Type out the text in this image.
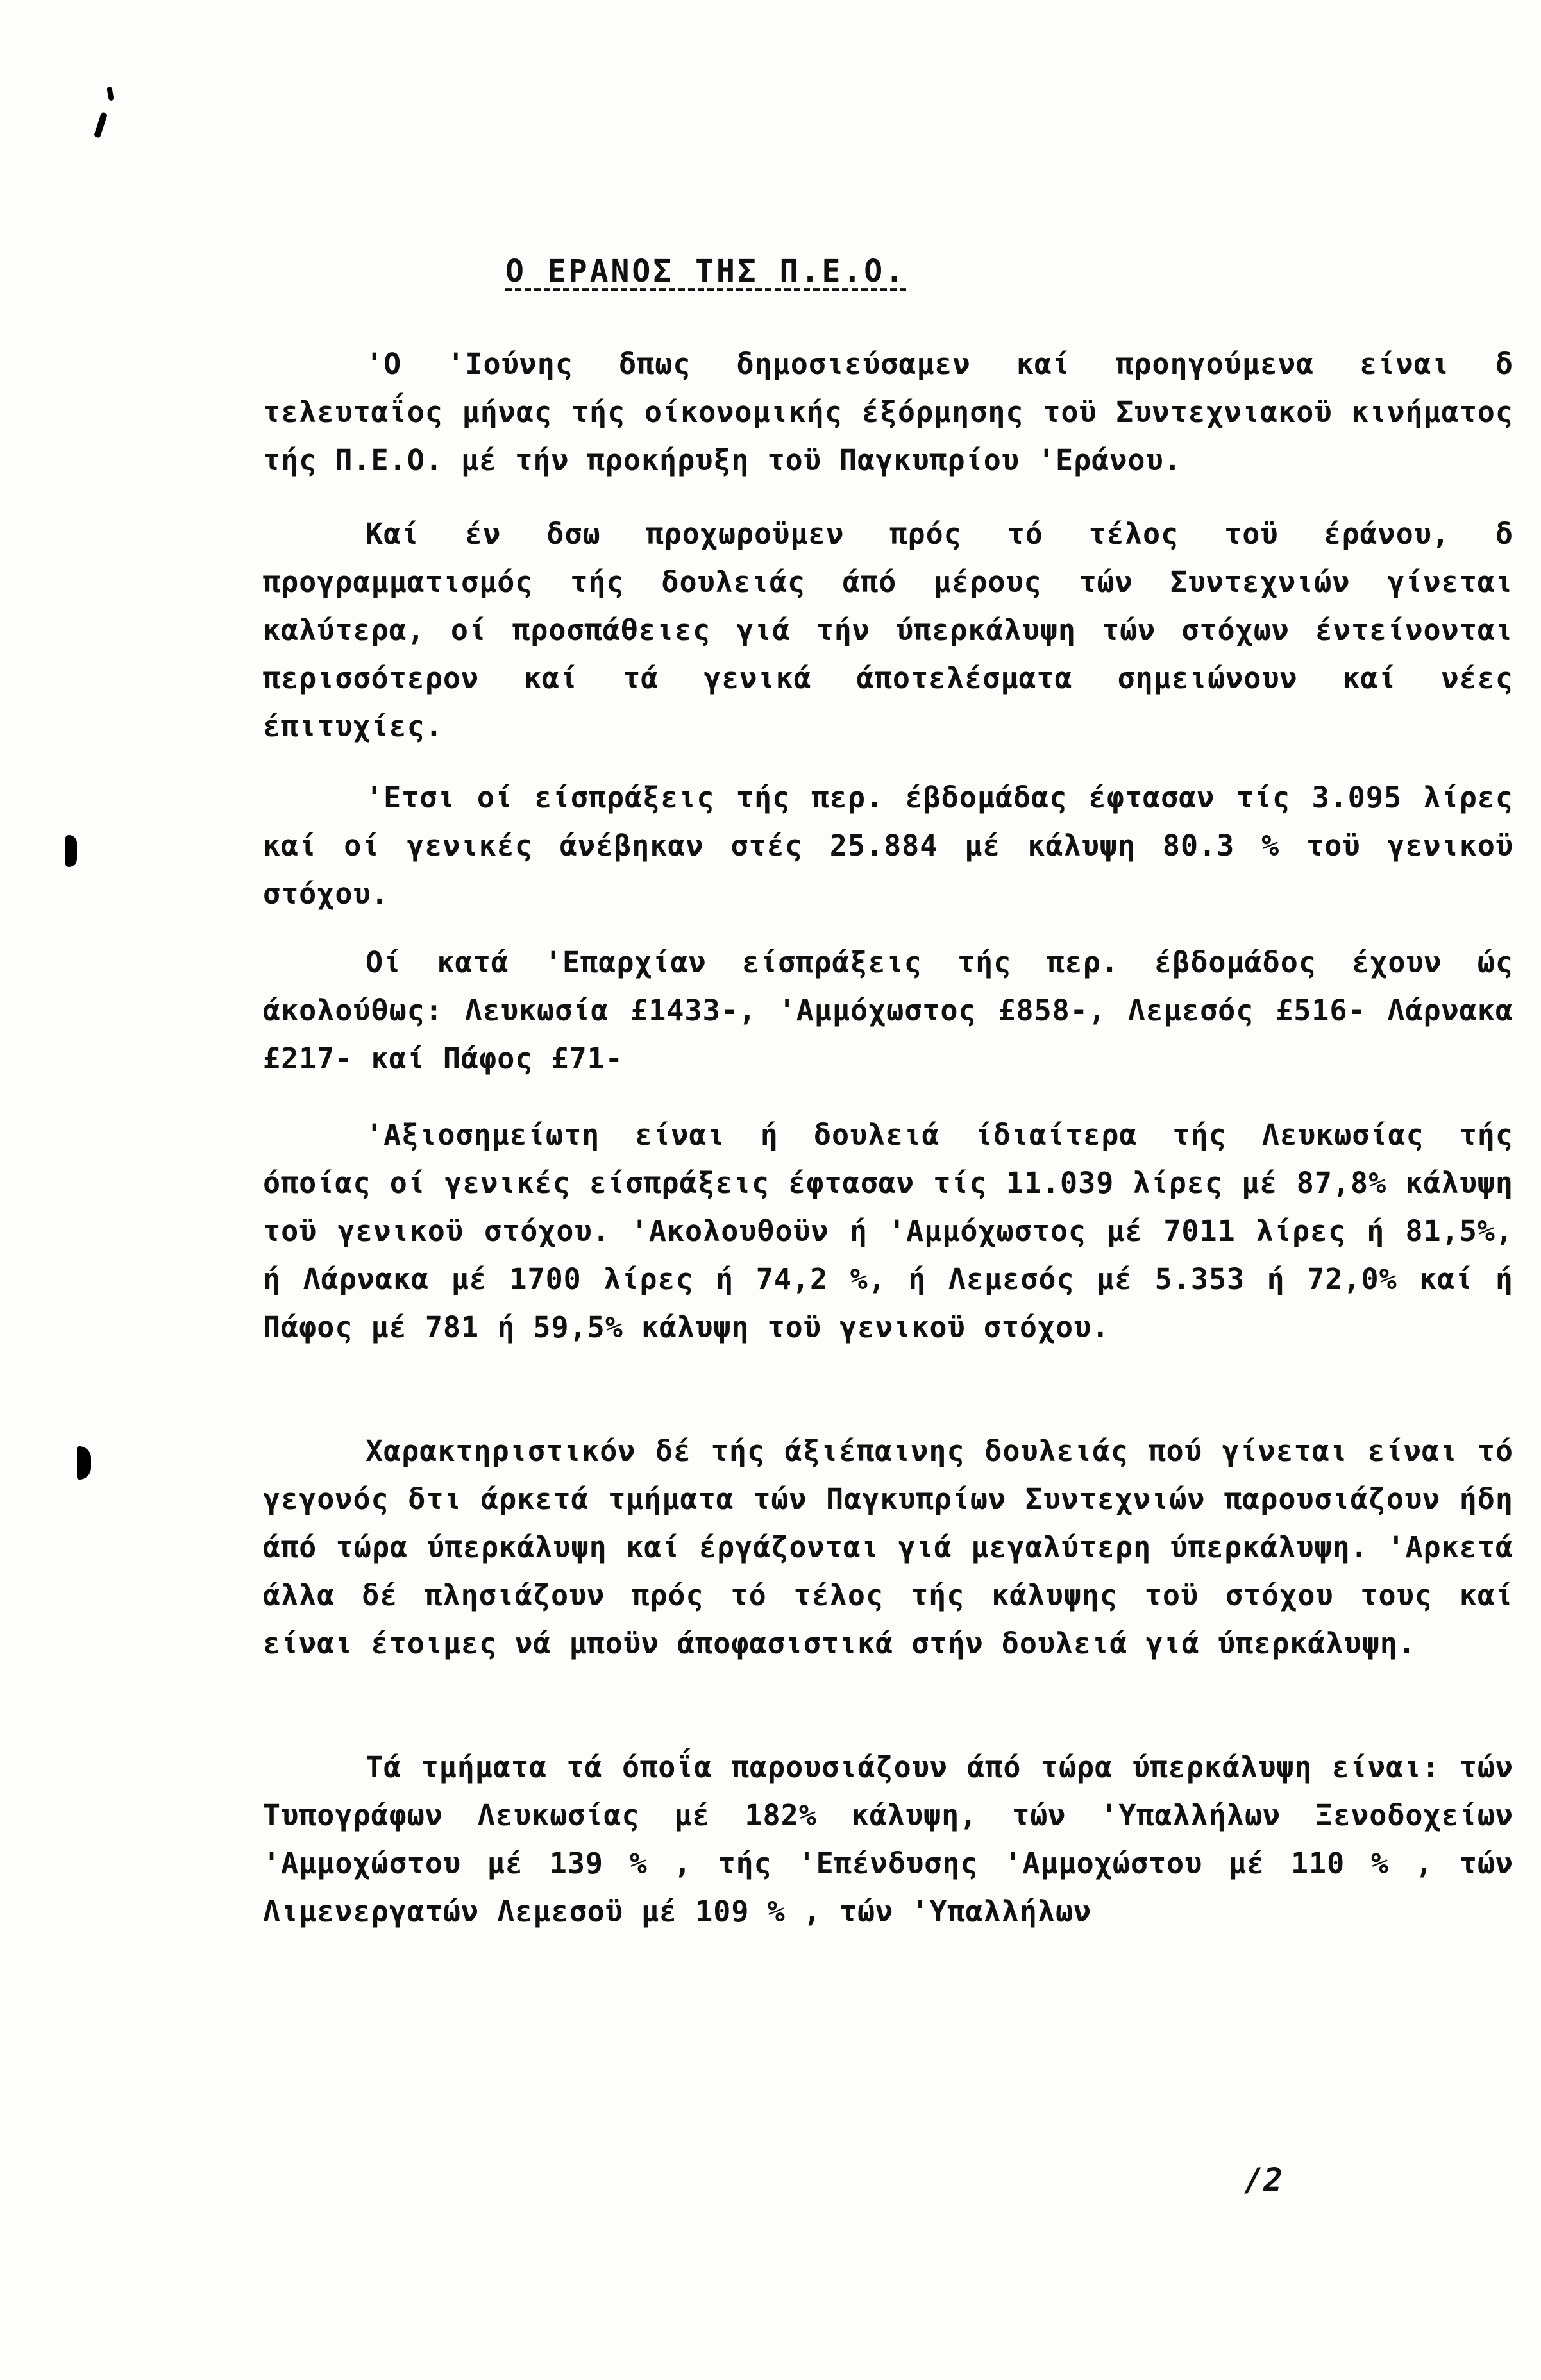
Ο ΕΡΑΝΟΣ ΤΗΣ Π.Ε.Ο.

'Ο 'Ιούνης δπως δημοσιεύσαμεν καί προηγούμενα είναι δ τελευταΐος μήνας τής οίκονομικής έξόρμησης τοϋ Συντεχνιακοϋ κινήματος τής Π.Ε.Ο. μέ τήν προκήρυξη τοϋ Παγκυπρίου 'Εράνου.

Καί έν δσω προχωροϋμεν πρός τό τέλος τοϋ έράνου, δ προγραμματισμός τής δουλειάς άπό μέρους τών Συντεχνιών γίνεται καλύτερα, οί προσπάθειες γιά τήν ύπερκάλυψη τών στόχων έντείνονται περισσότερον καί τά γενικά άποτελέσματα σημειώνουν καί νέες έπιτυχίες.

'Ετσι οί είσπράξεις τής περ. έβδομάδας έφτασαν τίς 3.095 λίρες καί οί γενικές άνέβηκαν στές 25.884 μέ κάλυψη 80.3 % τοϋ γενικοϋ στόχου.

Οί κατά 'Επαρχίαν είσπράξεις τής περ. έβδομάδος έχουν ώς άκολούθως: Λευκωσία £1433-, 'Αμμόχωστος £858-, Λεμεσός £516- Λάρνακα £217- καί Πάφος £71-

'Αξιοσημείωτη είναι ή δουλειά ίδιαίτερα τής Λευκωσίας τής όποίας οί γενικές είσπράξεις έφτασαν τίς 11.039 λίρες μέ 87,8% κάλυψη τοϋ γενικοϋ στόχου. 'Ακολουθοϋν ή 'Αμμόχωστος μέ 7011 λίρες ή 81,5%, ή Λάρνακα μέ 1700 λίρες ή 74,2 %, ή Λεμεσός μέ 5.353 ή 72,0% καί ή Πάφος μέ 781 ή 59,5% κάλυψη τοϋ γενικοϋ στόχου.

Χαρακτηριστικόν δέ τής άξιέπαινης δουλειάς πού γίνεται είναι τό γεγονός δτι άρκετά τμήματα τών Παγκυπρίων Συντεχνιών παρουσιάζουν ήδη άπό τώρα ύπερκάλυψη καί έργάζονται γιά μεγαλύτερη ύπερκάλυψη. 'Αρκετά άλλα δέ πλησιάζουν πρός τό τέλος τής κάλυψης τοϋ στόχου τους καί είναι έτοιμες νά μποϋν άποφασιστικά στήν δουλειά γιά ύπερκάλυψη.

Τά τμήματα τά όποΐα παρουσιάζουν άπό τώρα ύπερκάλυψη είναι: τών Τυπογράφων Λευκωσίας μέ 182% κάλυψη, τών 'Υπαλλήλων Ξενοδοχείων 'Αμμοχώστου μέ 139 % , τής 'Επένδυσης 'Αμμοχώστου μέ 110 % , τών Λιμενεργατών Λεμεσοϋ μέ 109 % , τών 'Υπαλλήλων

/2
